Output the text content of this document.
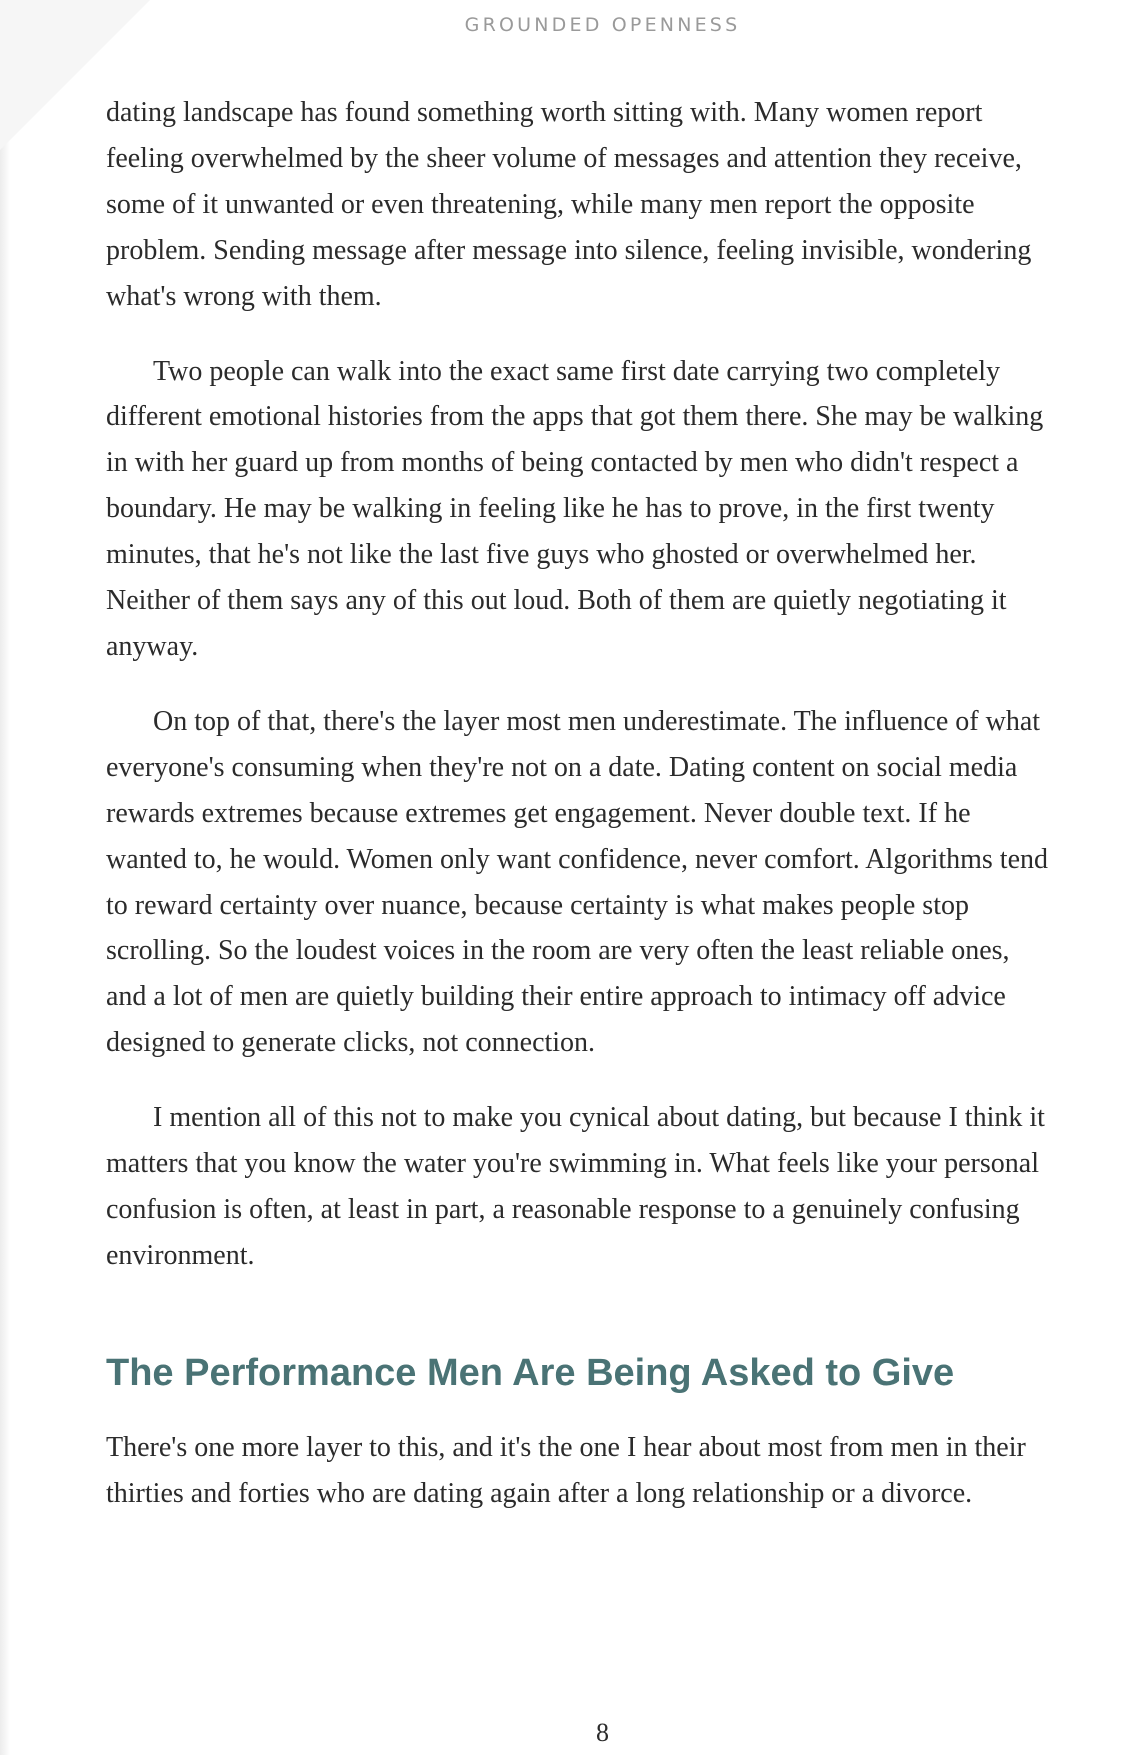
GROUNDED OPENNESS

dating landscape has found something worth sitting with. Many women report feeling overwhelmed by the sheer volume of messages and attention they receive, some of it unwanted or even threatening, while many men report the opposite problem. Sending message after message into silence, feeling invisible, wondering what's wrong with them.

Two people can walk into the exact same first date carrying two completely different emotional histories from the apps that got them there. She may be walking in with her guard up from months of being contacted by men who didn't respect a boundary. He may be walking in feeling like he has to prove, in the first twenty minutes, that he's not like the last five guys who ghosted or overwhelmed her. Neither of them says any of this out loud. Both of them are quietly negotiating it anyway.

On top of that, there's the layer most men underestimate. The influence of what everyone's consuming when they're not on a date. Dating content on social media rewards extremes because extremes get engagement. Never double text. If he wanted to, he would. Women only want confidence, never comfort. Algorithms tend to reward certainty over nuance, because certainty is what makes people stop scrolling. So the loudest voices in the room are very often the least reliable ones, and a lot of men are quietly building their entire approach to intimacy off advice designed to generate clicks, not connection.

I mention all of this not to make you cynical about dating, but because I think it matters that you know the water you're swimming in. What feels like your personal confusion is often, at least in part, a reasonable response to a genuinely confusing environment.

The Performance Men Are Being Asked to Give

There's one more layer to this, and it's the one I hear about most from men in their thirties and forties who are dating again after a long relationship or a divorce.

8
